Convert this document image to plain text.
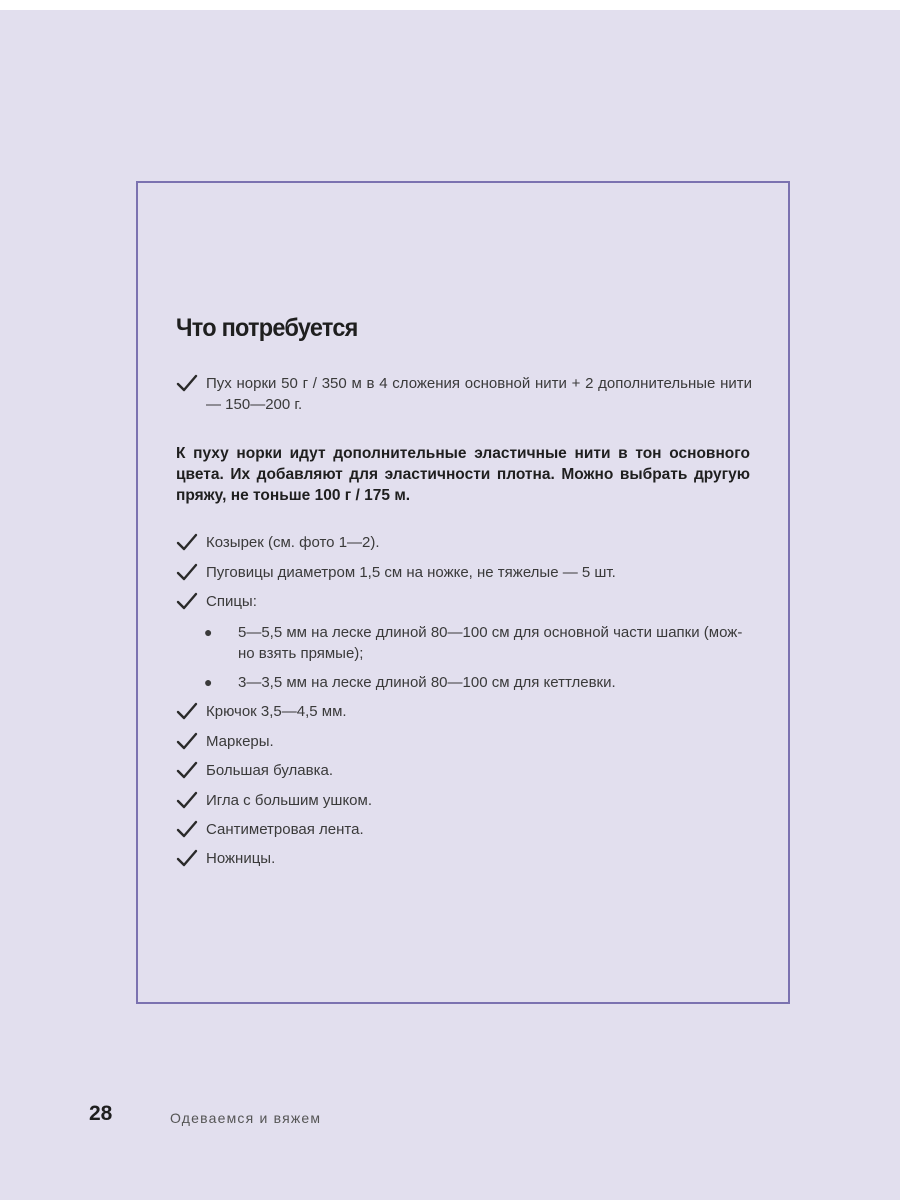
Что потребуется
Пух норки 50 г / 350 м в 4 сложения основной нити + 2 дополнительные нити — 150—200 г.

К пуху норки идут дополнительные эластичные нити в тон основного цвета. Их добавляют для эластичности плотна. Можно выбрать другую пряжу, не тоньше 100 г / 175 м.

Козырек (см. фото 1—2).
Пуговицы диаметром 1,5 см на ножке, не тяжелые — 5 шт.
Спицы:
● 5—5,5 мм на леске длиной 80—100 см для основной части шапки (можно взять прямые);
● 3—3,5 мм на леске длиной 80—100 см для кеттлевки.
Крючок 3,5—4,5 мм.
Маркеры.
Большая булавка.
Игла с большим ушком.
Сантиметровая лента.
Ножницы.
28	Одеваемся и вяжем
